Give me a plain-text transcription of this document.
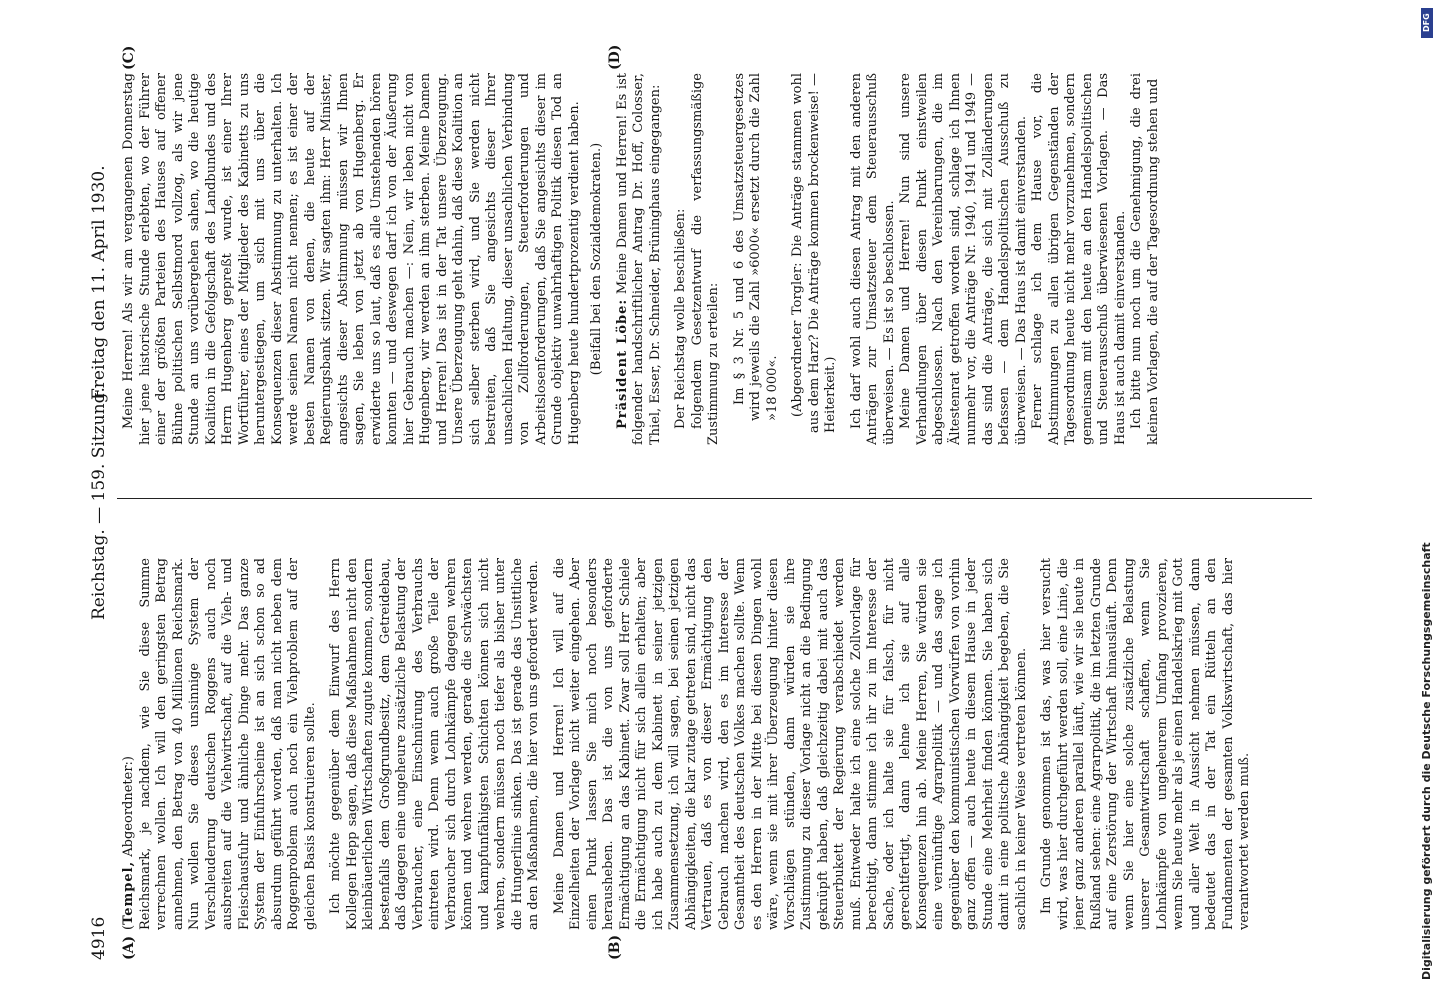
4916
Reichstag. — 159. Sitzung.
Freitag den 11. April 1930.
(A)	(B)
(C)	(D)

(Tempel, Abgeordneter:) Reichsmark, je nachdem, wie Sie diese Summe verrechnen wollen. Ich will den geringsten Betrag annehmen, den Betrag von 40 Millionen Reichsmark. Nun wollen Sie dieses unsinnige System der Verschleuderung deutschen Roggens auch noch ausbreiten auf die Viehwirtschaft, auf die Vieh- und Fleischausfuhr und ähnliche Dinge mehr. Das ganze System der Einfuhrscheine ist an sich schon so ad absurdum geführt worden, daß man nicht neben dem Roggenproblem auch noch ein Viehproblem auf der gleichen Basis konstruieren sollte. Ich möchte gegenüber dem Einwurf des Herrn Kollegen Hepp sagen, daß diese Maßnahmen nicht den kleinbäuerlichen Wirtschaften zugute kommen, sondern bestenfalls dem Großgrundbesitz, dem Getreidebau, daß dagegen eine ungeheure zusätzliche Belastung der Verbraucher, eine Einschnürung des Verbrauchs eintreten wird. Denn wenn auch große Teile der Verbraucher sich durch Lohnkämpfe dagegen wehren können und wehren werden, gerade die schwächsten und kampfunfähigsten Schichten können sich nicht wehren, sondern müssen noch tiefer als bisher unter die Hungerlinie sinken. Das ist gerade das Unsittliche an den Maßnahmen, die hier von uns gefordert werden. Meine Damen und Herren! Ich will auf die Einzelheiten der Vorlage nicht weiter eingehen. Aber einen Punkt lassen Sie mich noch besonders herausheben. Das ist die von uns geforderte Ermächtigung an das Kabinett. Zwar soll Herr Schiele die Ermächtigung nicht für sich allein erhalten; aber ich habe auch zu dem Kabinett in seiner jetzigen Zusammensetzung, ich will sagen, bei seinen jetzigen Abhängigkeiten, die klar zutage getreten sind, nicht das Vertrauen, daß es von dieser Ermächtigung den Gebrauch machen wird, den es im Interesse der Gesamtheit des deutschen Volkes machen sollte. Wenn es den Herren in der Mitte bei diesen Dingen wohl wäre, wenn sie mit ihrer Überzeugung hinter diesen Vorschlägen stünden, dann würden sie ihre Zustimmung zu dieser Vorlage nicht an die Bedingung geknüpft haben, daß gleichzeitig dabei mit auch das Steuerbukett der Regierung verabschiedet werden muß. Entweder halte ich eine solche Zollvorlage für berechtigt, dann stimme ich ihr zu im Interesse der Sache, oder ich halte sie für falsch, für nicht gerechtfertigt, dann lehne ich sie auf alle Konsequenzen hin ab. Meine Herren, Sie würden sie eine vernünftige Agrarpolitik — und das sage ich gegenüber den kommunistischen Vorwürfen von vorhin ganz offen — auch heute in diesem Hause in jeder Stunde eine Mehrheit finden können. Sie haben sich damit in eine politische Abhängigkeit begeben, die Sie sachlich in keiner Weise vertreten können. Im Grunde genommen ist das, was hier versucht wird, was hier durchgeführt werden soll, eine Linie, die jener ganz anderen parallel läuft, wie wir sie heute in Rußland sehen: eine Agrarpolitik, die im letzten Grunde auf eine Zerstörung der Wirtschaft hinausläuft. Denn wenn Sie hier eine solche zusätzliche Belastung unserer Gesamtwirtschaft schaffen, wenn Sie Lohnkämpfe von ungeheurem Umfang provozieren, wenn Sie heute mehr als je einen Handelskrieg mit Gott und aller Welt in Aussicht nehmen müssen, dann bedeutet das in der Tat ein Rütteln an den Fundamenten der gesamten Volkswirtschaft, das hier verantwortet werden muß.

Meine Herren! Als wir am vergangenen Donnerstag hier jene historische Stunde erlebten, wo der Führer einer der größten Parteien des Hauses auf offener Bühne politischen Selbstmord vollzog, als wir jene Stunde an uns vorübergehen sahen, wo die heutige Koalition in die Gefolgschaft des Landbundes und des Herrn Hugenberg gepreßt wurde, ist einer Ihrer Wortführer, eines der Mitglieder des Kabinetts zu uns heruntergestiegen, um sich mit uns über die Konsequenzen dieser Abstimmung zu unterhalten. Ich werde seinen Namen nicht nennen; es ist einer der besten Namen von denen, die heute auf der Regierungsbank sitzen. Wir sagten ihm: Herr Minister, angesichts dieser Abstimmung müssen wir Ihnen sagen, Sie leben von jetzt ab von Hugenberg. Er erwiderte uns so laut, daß es alle Umstehenden hören konnten — und deswegen darf ich von der Äußerung hier Gebrauch machen —: Nein, wir leben nicht von Hugenberg, wir werden an ihm sterben. Meine Damen und Herren! Das ist in der Tat unsere Überzeugung. Unsere Überzeugung geht dahin, daß diese Koalition an sich selber sterben wird, und Sie werden nicht bestreiten, daß Sie angesichts dieser Ihrer unsachlichen Haltung, dieser unsachlichen Verbindung von Zollforderungen, Steuerforderungen und Arbeitslosenforderungen, daß Sie angesichts dieser im Grunde objektiv unwahrhaftigen Politik diesen Tod an Hugenberg heute hundertprozentig verdient haben. (Beifall bei den Sozialdemokraten.) Präsident Löbe: Meine Damen und Herren! Es ist folgender handschriftlicher Antrag Dr. Hoff, Colosser, Thiel, Esser, Dr. Schneider, Brüninghaus eingegangen: Der Reichstag wolle beschließen: folgendem Gesetzentwurf die verfassungsmäßige Zustimmung zu erteilen: Im § 3 Nr. 5 und 6 des Umsatzsteuergesetzes wird jeweils die Zahl »6000« ersetzt durch die Zahl »18 000«. (Abgeordneter Torgler: Die Anträge stammen wohl aus dem Harz? Die Anträge kommen brockenweise! — Heiterkeit.) Ich darf wohl auch diesen Antrag mit den anderen Anträgen zur Umsatzsteuer dem Steuerausschuß überweisen. — Es ist so beschlossen. Meine Damen und Herren! Nun sind unsere Verhandlungen über diesen Punkt einstweilen abgeschlossen. Nach den Vereinbarungen, die im Ältestenrat getroffen worden sind, schlage ich Ihnen nunmehr vor, die Anträge Nr. 1940, 1941 und 1949 — das sind die Anträge, die sich mit Zolländerungen befassen — dem Handelspolitischen Ausschuß zu überweisen. — Das Haus ist damit einverstanden. Ferner schlage ich dem Hause vor, die Abstimmungen zu allen übrigen Gegenständen der Tagesordnung heute nicht mehr vorzunehmen, sondern gemeinsam mit den heute an den Handelspolitischen und Steuerausschuß überwiesenen Vorlagen. — Das Haus ist auch damit einverstanden. Ich bitte nun noch um die Genehmigung, die drei kleinen Vorlagen, die auf der Tagesordnung stehen und

DFG
Digitalisierung gefördert durch die Deutsche Forschungsgemeinschaft
